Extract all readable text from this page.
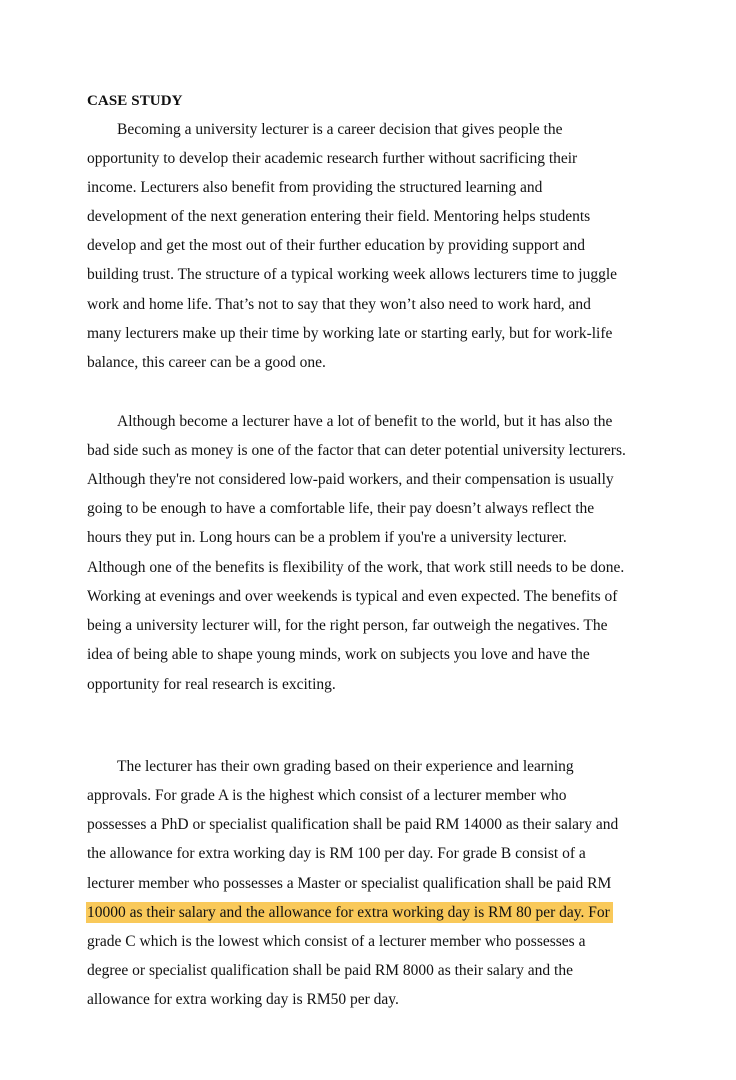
CASE STUDY
Becoming a university lecturer is a career decision that gives people the
opportunity to develop their academic research further without sacrificing their
income. Lecturers also benefit from providing the structured learning and
development of the next generation entering their field. Mentoring helps students
develop and get the most out of their further education by providing support and
building trust. The structure of a typical working week allows lecturers time to juggle
work and home life. That’s not to say that they won’t also need to work hard, and
many lecturers make up their time by working late or starting early, but for work-life
balance, this career can be a good one.
Although become a lecturer have a lot of benefit to the world, but it has also the
bad side such as money is one of the factor that can deter potential university lecturers.
Although they're not considered low-paid workers, and their compensation is usually
going to be enough to have a comfortable life, their pay doesn’t always reflect the
hours they put in. Long hours can be a problem if you're a university lecturer.
Although one of the benefits is flexibility of the work, that work still needs to be done.
Working at evenings and over weekends is typical and even expected. The benefits of
being a university lecturer will, for the right person, far outweigh the negatives. The
idea of being able to shape young minds, work on subjects you love and have the
opportunity for real research is exciting.
The lecturer has their own grading based on their experience and learning
approvals. For grade A is the highest which consist of a lecturer member who
possesses a PhD or specialist qualification shall be paid RM 14000 as their salary and
the allowance for extra working day is RM 100 per day. For grade B consist of a
lecturer member who possesses a Master or specialist qualification shall be paid RM
10000 as their salary and the allowance for extra working day is RM 80 per day. For
grade C which is the lowest which consist of a lecturer member who possesses a
degree or specialist qualification shall be paid RM 8000 as their salary and the
allowance for extra working day is RM50 per day.
